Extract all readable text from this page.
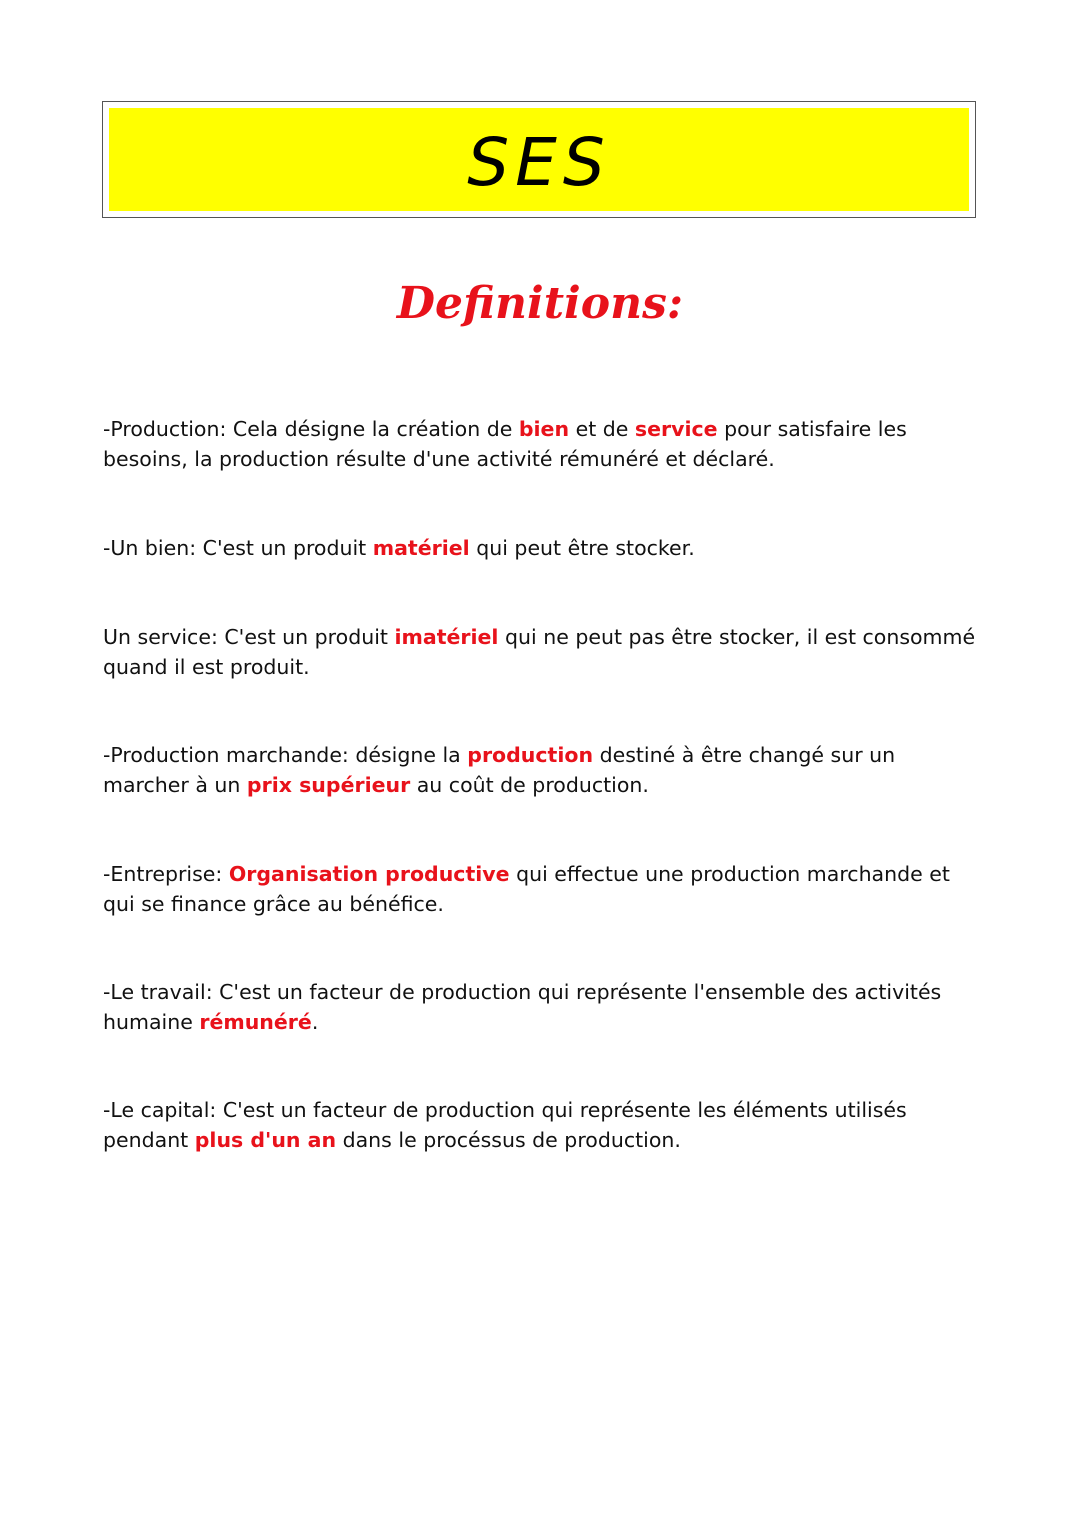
SES
Definitions:

-Production: Cela désigne la création de bien et de service pour satisfaire les besoins, la production résulte d'une activité rémunéré et déclaré.

-Un bien: C'est un produit matériel qui peut être stocker.

Un service: C'est un produit imatériel qui ne peut pas être stocker, il est consommé quand il est produit.

-Production marchande: désigne la production destiné à être changé sur un marcher à un prix supérieur au coût de production.

-Entreprise: Organisation productive qui effectue une production marchande et qui se finance grâce au bénéfice.

-Le travail: C'est un facteur de production qui représente l'ensemble des activités humaine rémunéré.

-Le capital: C'est un facteur de production qui représente les éléments utilisés pendant plus d'un an dans le procéssus de production.
